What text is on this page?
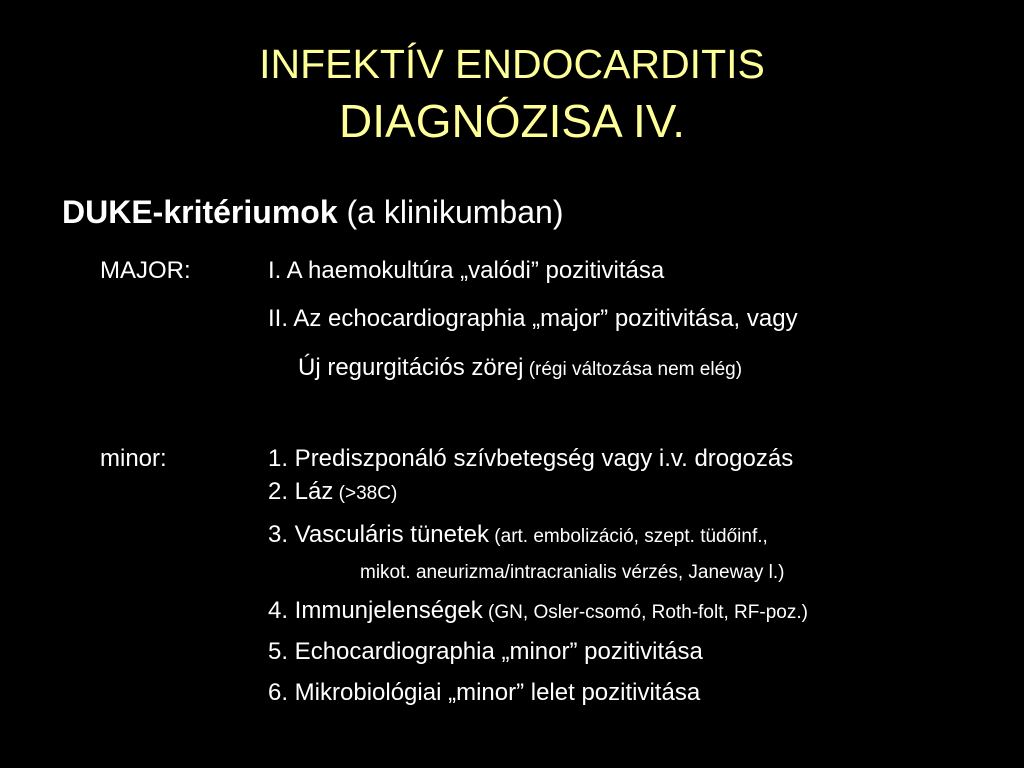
INFEKTÍV ENDOCARDITIS
DIAGNÓZISA IV.
DUKE-kritériumok (a klinikumban)
MAJOR:	I. A haemokultúra „valódi” pozitivitása
II. Az echocardiographia „major” pozitivitása, vagy
Új regurgitációs zörej (régi változása nem elég)
minor:	1. Prediszponáló szívbetegség vagy i.v. drogozás
2. Láz (>38C)
3. Vasculáris tünetek (art. embolizáció, szept. tüdőinf.,
mikot. aneurizma/intracranialis vérzés, Janeway l.)
4. Immunjelenségek (GN, Osler-csomó, Roth-folt, RF-poz.)
5. Echocardiographia „minor” pozitivitása
6. Mikrobiológiai „minor” lelet pozitivitása
